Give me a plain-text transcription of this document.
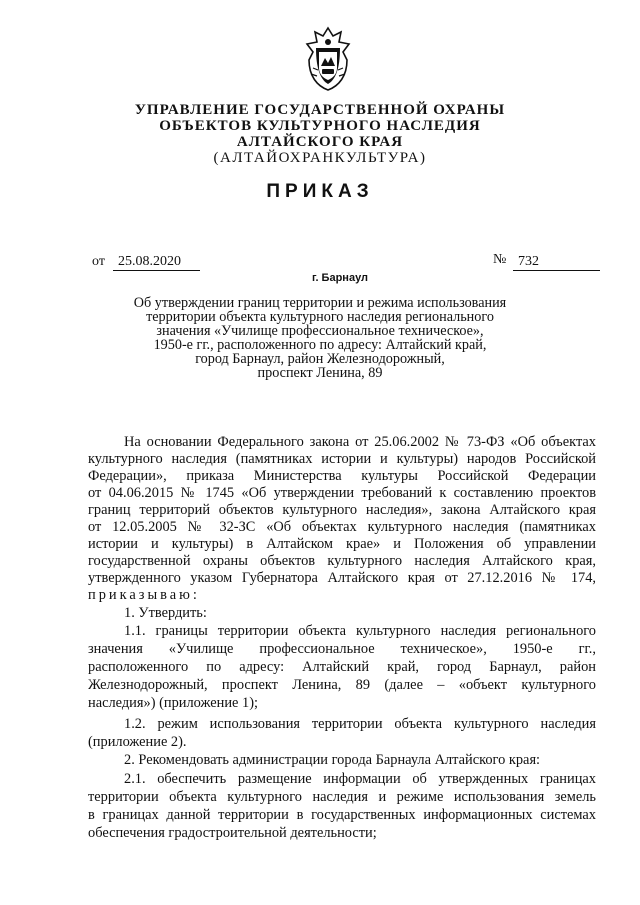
УПРАВЛЕНИЕ ГОСУДАРСТВЕННОЙ ОХРАНЫ
ОБЪЕКТОВ КУЛЬТУРНОГО НАСЛЕДИЯ
АЛТАЙСКОГО КРАЯ
(АЛТАЙОХРАНКУЛЬТУРА)
ПРИКАЗ
от 25.08.2020	№ 732
г. Барнаул
Об утверждении границ территории и режима использования
территории объекта культурного наследия регионального
значения «Училище профессиональное техническое»,
1950-е гг., расположенного по адресу: Алтайский край,
город Барнаул, район Железнодорожный,
проспект Ленина, 89
На основании Федерального закона от 25.06.2002 № 73-ФЗ «Об объектах
культурного наследия (памятниках истории и культуры) народов Российской
Федерации», приказа Министерства культуры Российской Федерации
от 04.06.2015 № 1745 «Об утверждении требований к составлению проектов
границ территорий объектов культурного наследия», закона Алтайского края
от 12.05.2005 № 32-ЗС «Об объектах культурного наследия (памятниках
истории и культуры) в Алтайском крае» и Положения об управлении
государственной охраны объектов культурного наследия Алтайского края,
утвержденного указом Губернатора Алтайского края от 27.12.2016 № 174,
приказываю:
1. Утвердить:
1.1. границы территории объекта культурного наследия регионального
значения «Училище профессиональное техническое», 1950-е гг.,
расположенного по адресу: Алтайский край, город Барнаул, район
Железнодорожный, проспект Ленина, 89 (далее – «объект культурного
наследия») (приложение 1);
1.2. режим использования территории объекта культурного наследия
(приложение 2).
2. Рекомендовать администрации города Барнаула Алтайского края:
2.1. обеспечить размещение информации об утвержденных границах
территории объекта культурного наследия и режиме использования земель
в границах данной территории в государственных информационных системах
обеспечения градостроительной деятельности;
